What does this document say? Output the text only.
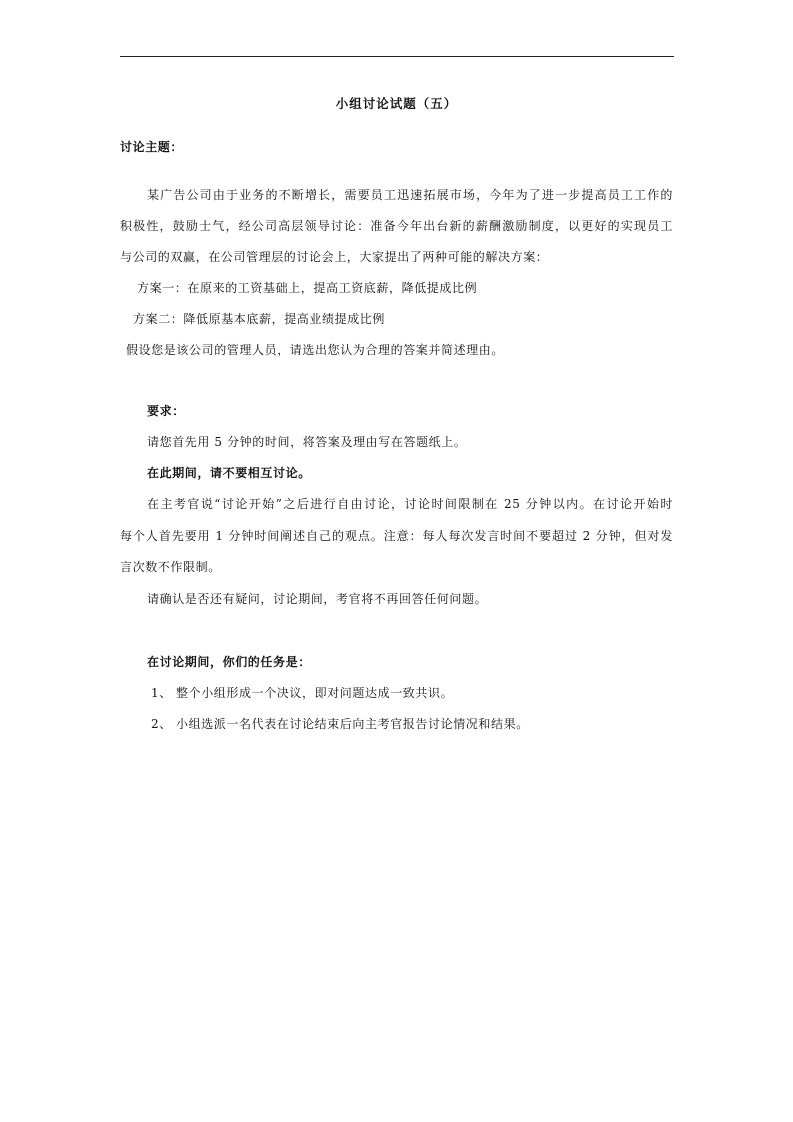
小组讨论试题（五）
讨论主题：
某广告公司由于业务的不断增长，需要员工迅速拓展市场，今年为了进一步提高员工工作的
积极性，鼓励士气，经公司高层领导讨论：准备今年出台新的薪酬激励制度，以更好的实现员工
与公司的双赢，在公司管理层的讨论会上，大家提出了两种可能的解决方案：
方案一：在原来的工资基础上，提高工资底薪，降低提成比例
方案二：降低原基本底薪，提高业绩提成比例
假设您是该公司的管理人员，请选出您认为合理的答案并简述理由。
要求：
请您首先用 5 分钟的时间，将答案及理由写在答题纸上。
在此期间，请不要相互讨论。
在主考官说“讨论开始”之后进行自由讨论，讨论时间限制在 25 分钟以内。在讨论开始时
每个人首先要用 1 分钟时间阐述自己的观点。注意：每人每次发言时间不要超过 2 分钟，但对发
言次数不作限制。
请确认是否还有疑问，讨论期间，考官将不再回答任何问题。
在讨论期间，你们的任务是：
1、 整个小组形成一个决议，即对问题达成一致共识。
2、 小组选派一名代表在讨论结束后向主考官报告讨论情况和结果。
